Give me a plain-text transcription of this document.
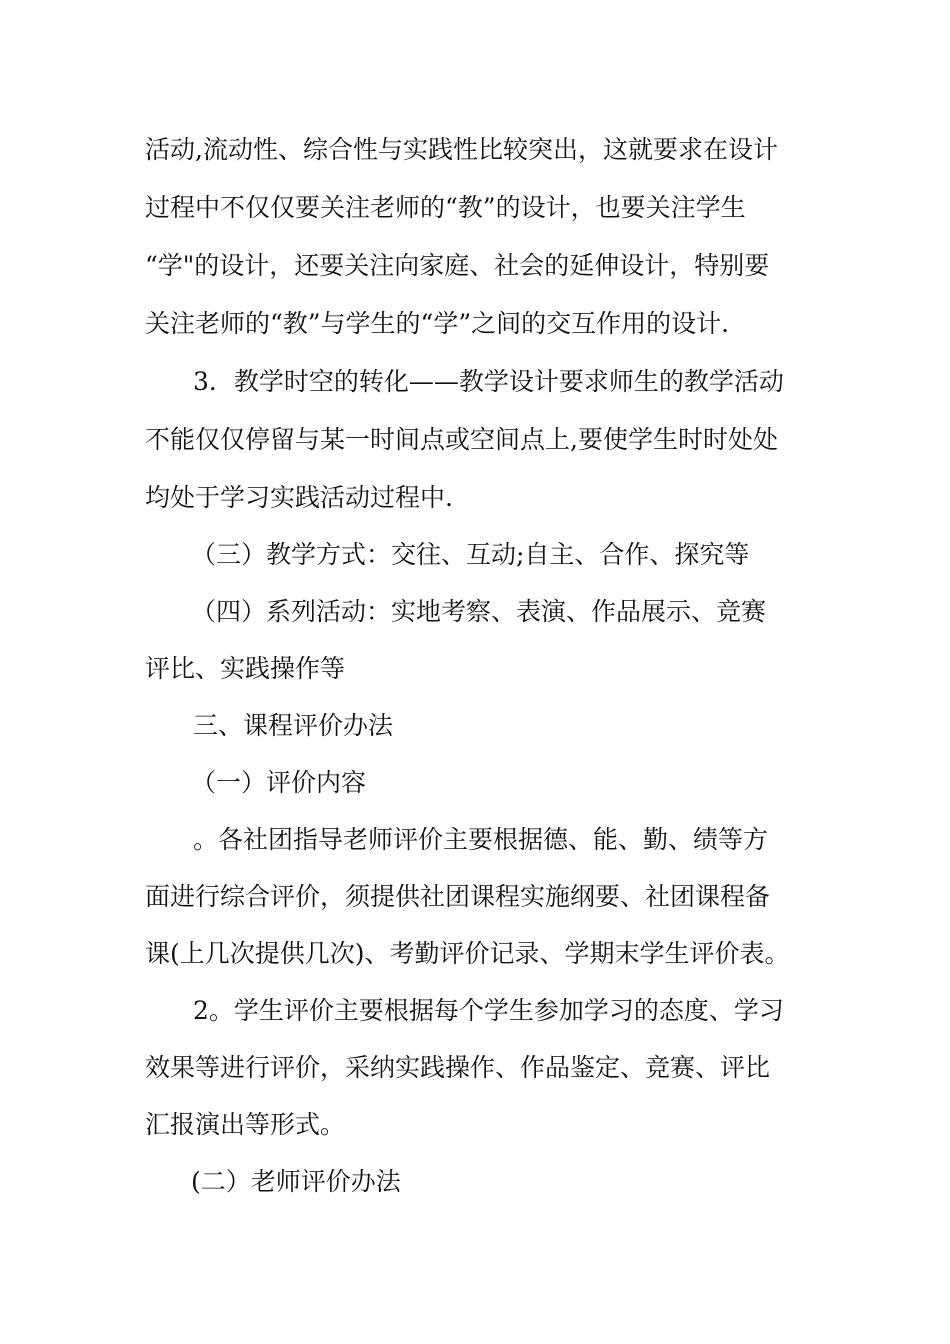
活动,流动性、综合性与实践性比较突出，这就要求在设计
过程中不仅仅要关注老师的“教”的设计，也要关注学生
“学"的设计，还要关注向家庭、社会的延伸设计，特别要
关注老师的“教”与学生的“学”之间的交互作用的设计.
3．教学时空的转化——教学设计要求师生的教学活动
不能仅仅停留与某一时间点或空间点上,要使学生时时处处
均处于学习实践活动过程中.
（三）教学方式：交往、互动;自主、合作、探究等
（四）系列活动：实地考察、表演、作品展示、竞赛
评比、实践操作等
三、课程评价办法
（一）评价内容
。各社团指导老师评价主要根据德、能、勤、绩等方
面进行综合评价，须提供社团课程实施纲要、社团课程备
课(上几次提供几次)、考勤评价记录、学期末学生评价表。
2。学生评价主要根据每个学生参加学习的态度、学习
效果等进行评价，采纳实践操作、作品鉴定、竞赛、评比
汇报演出等形式。
(二）老师评价办法
